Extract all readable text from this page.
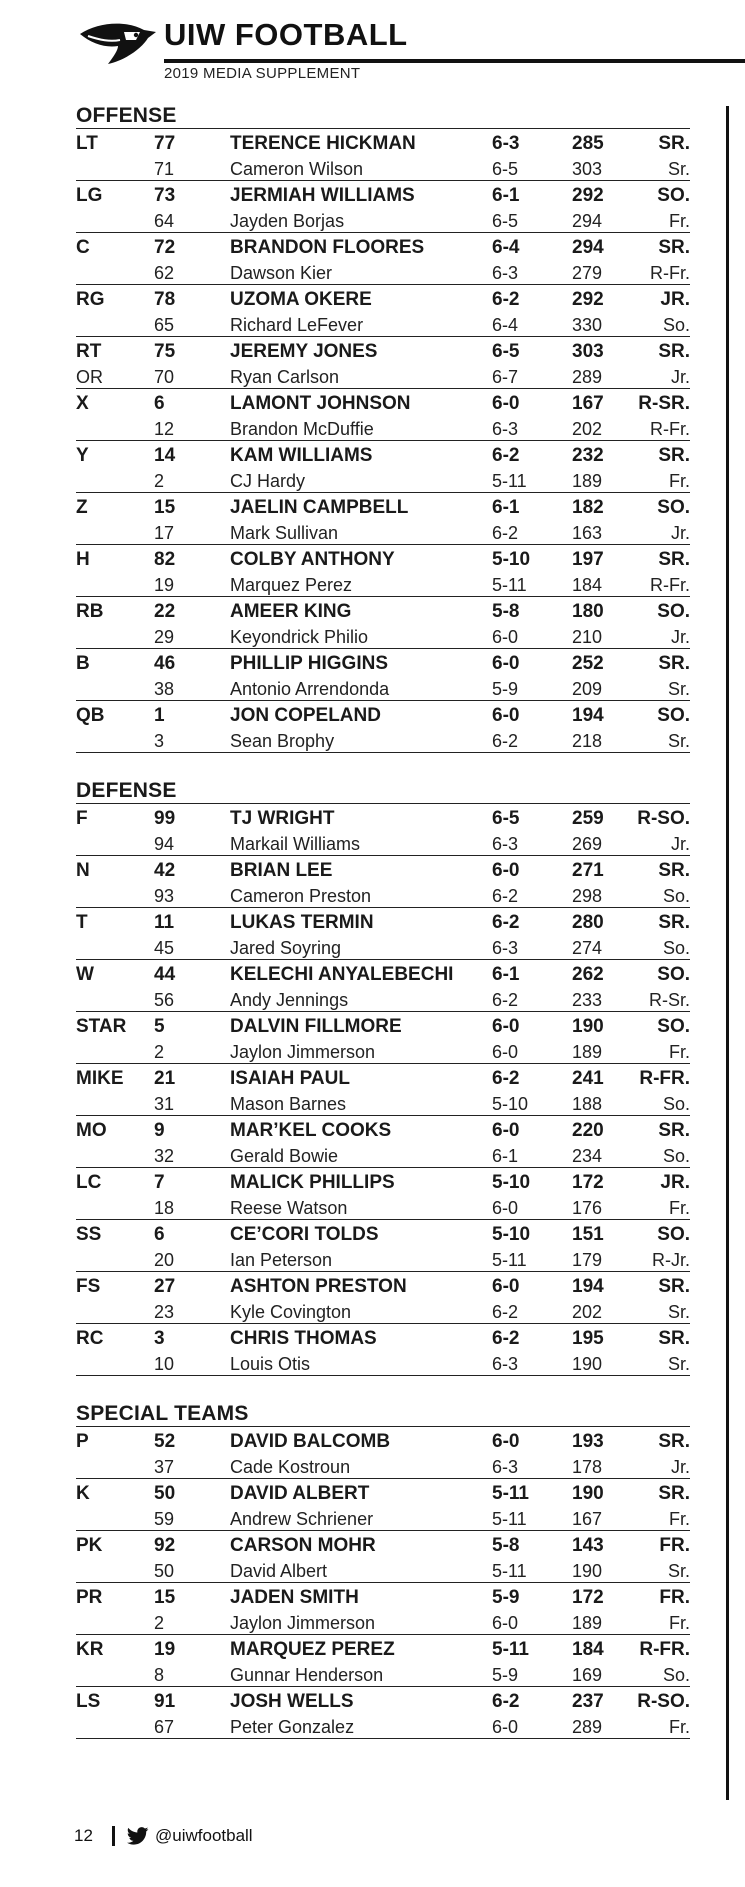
UIW FOOTBALL
2019 MEDIA SUPPLEMENT
OFFENSE
LT	77	TERENCE HICKMAN	6-3	285	SR.
71	Cameron Wilson	6-5	303	Sr.
LG	73	JERMIAH WILLIAMS	6-1	292	SO.
64	Jayden Borjas	6-5	294	Fr.
C	72	BRANDON FLOORES	6-4	294	SR.
62	Dawson Kier	6-3	279	R-Fr.
RG	78	UZOMA OKERE	6-2	292	JR.
65	Richard LeFever	6-4	330	So.
RT	75	JEREMY JONES	6-5	303	SR.
OR	70	Ryan Carlson	6-7	289	Jr.
X	6	LAMONT JOHNSON	6-0	167	R-SR.
12	Brandon McDuffie	6-3	202	R-Fr.
Y	14	KAM WILLIAMS	6-2	232	SR.
2	CJ Hardy	5-11	189	Fr.
Z	15	JAELIN CAMPBELL	6-1	182	SO.
17	Mark Sullivan	6-2	163	Jr.
H	82	COLBY ANTHONY	5-10	197	SR.
19	Marquez Perez	5-11	184	R-Fr.
RB	22	AMEER KING	5-8	180	SO.
29	Keyondrick Philio	6-0	210	Jr.
B	46	PHILLIP HIGGINS	6-0	252	SR.
38	Antonio Arrendonda	5-9	209	Sr.
QB	1	JON COPELAND	6-0	194	SO.
3	Sean Brophy	6-2	218	Sr.
DEFENSE
F	99	TJ WRIGHT	6-5	259	R-SO.
94	Markail Williams	6-3	269	Jr.
N	42	BRIAN LEE	6-0	271	SR.
93	Cameron Preston	6-2	298	So.
T	11	LUKAS TERMIN	6-2	280	SR.
45	Jared Soyring	6-3	274	So.
W	44	KELECHI ANYALEBECHI	6-1	262	SO.
56	Andy Jennings	6-2	233	R-Sr.
STAR	5	DALVIN FILLMORE	6-0	190	SO.
2	Jaylon Jimmerson	6-0	189	Fr.
MIKE	21	ISAIAH PAUL	6-2	241	R-FR.
31	Mason Barnes	5-10	188	So.
MO	9	MAR’KEL COOKS	6-0	220	SR.
32	Gerald Bowie	6-1	234	So.
LC	7	MALICK PHILLIPS	5-10	172	JR.
18	Reese Watson	6-0	176	Fr.
SS	6	CE’CORI TOLDS	5-10	151	SO.
20	Ian Peterson	5-11	179	R-Jr.
FS	27	ASHTON PRESTON	6-0	194	SR.
23	Kyle Covington	6-2	202	Sr.
RC	3	CHRIS THOMAS	6-2	195	SR.
10	Louis Otis	6-3	190	Sr.
SPECIAL TEAMS
P	52	DAVID BALCOMB	6-0	193	SR.
37	Cade Kostroun	6-3	178	Jr.
K	50	DAVID ALBERT	5-11	190	SR.
59	Andrew Schriener	5-11	167	Fr.
PK	92	CARSON MOHR	5-8	143	FR.
50	David Albert	5-11	190	Sr.
PR	15	JADEN SMITH	5-9	172	FR.
2	Jaylon Jimmerson	6-0	189	Fr.
KR	19	MARQUEZ PEREZ	5-11	184	R-FR.
8	Gunnar Henderson	5-9	169	So.
LS	91	JOSH WELLS	6-2	237	R-SO.
67	Peter Gonzalez	6-0	289	Fr.
12	@uiwfootball
